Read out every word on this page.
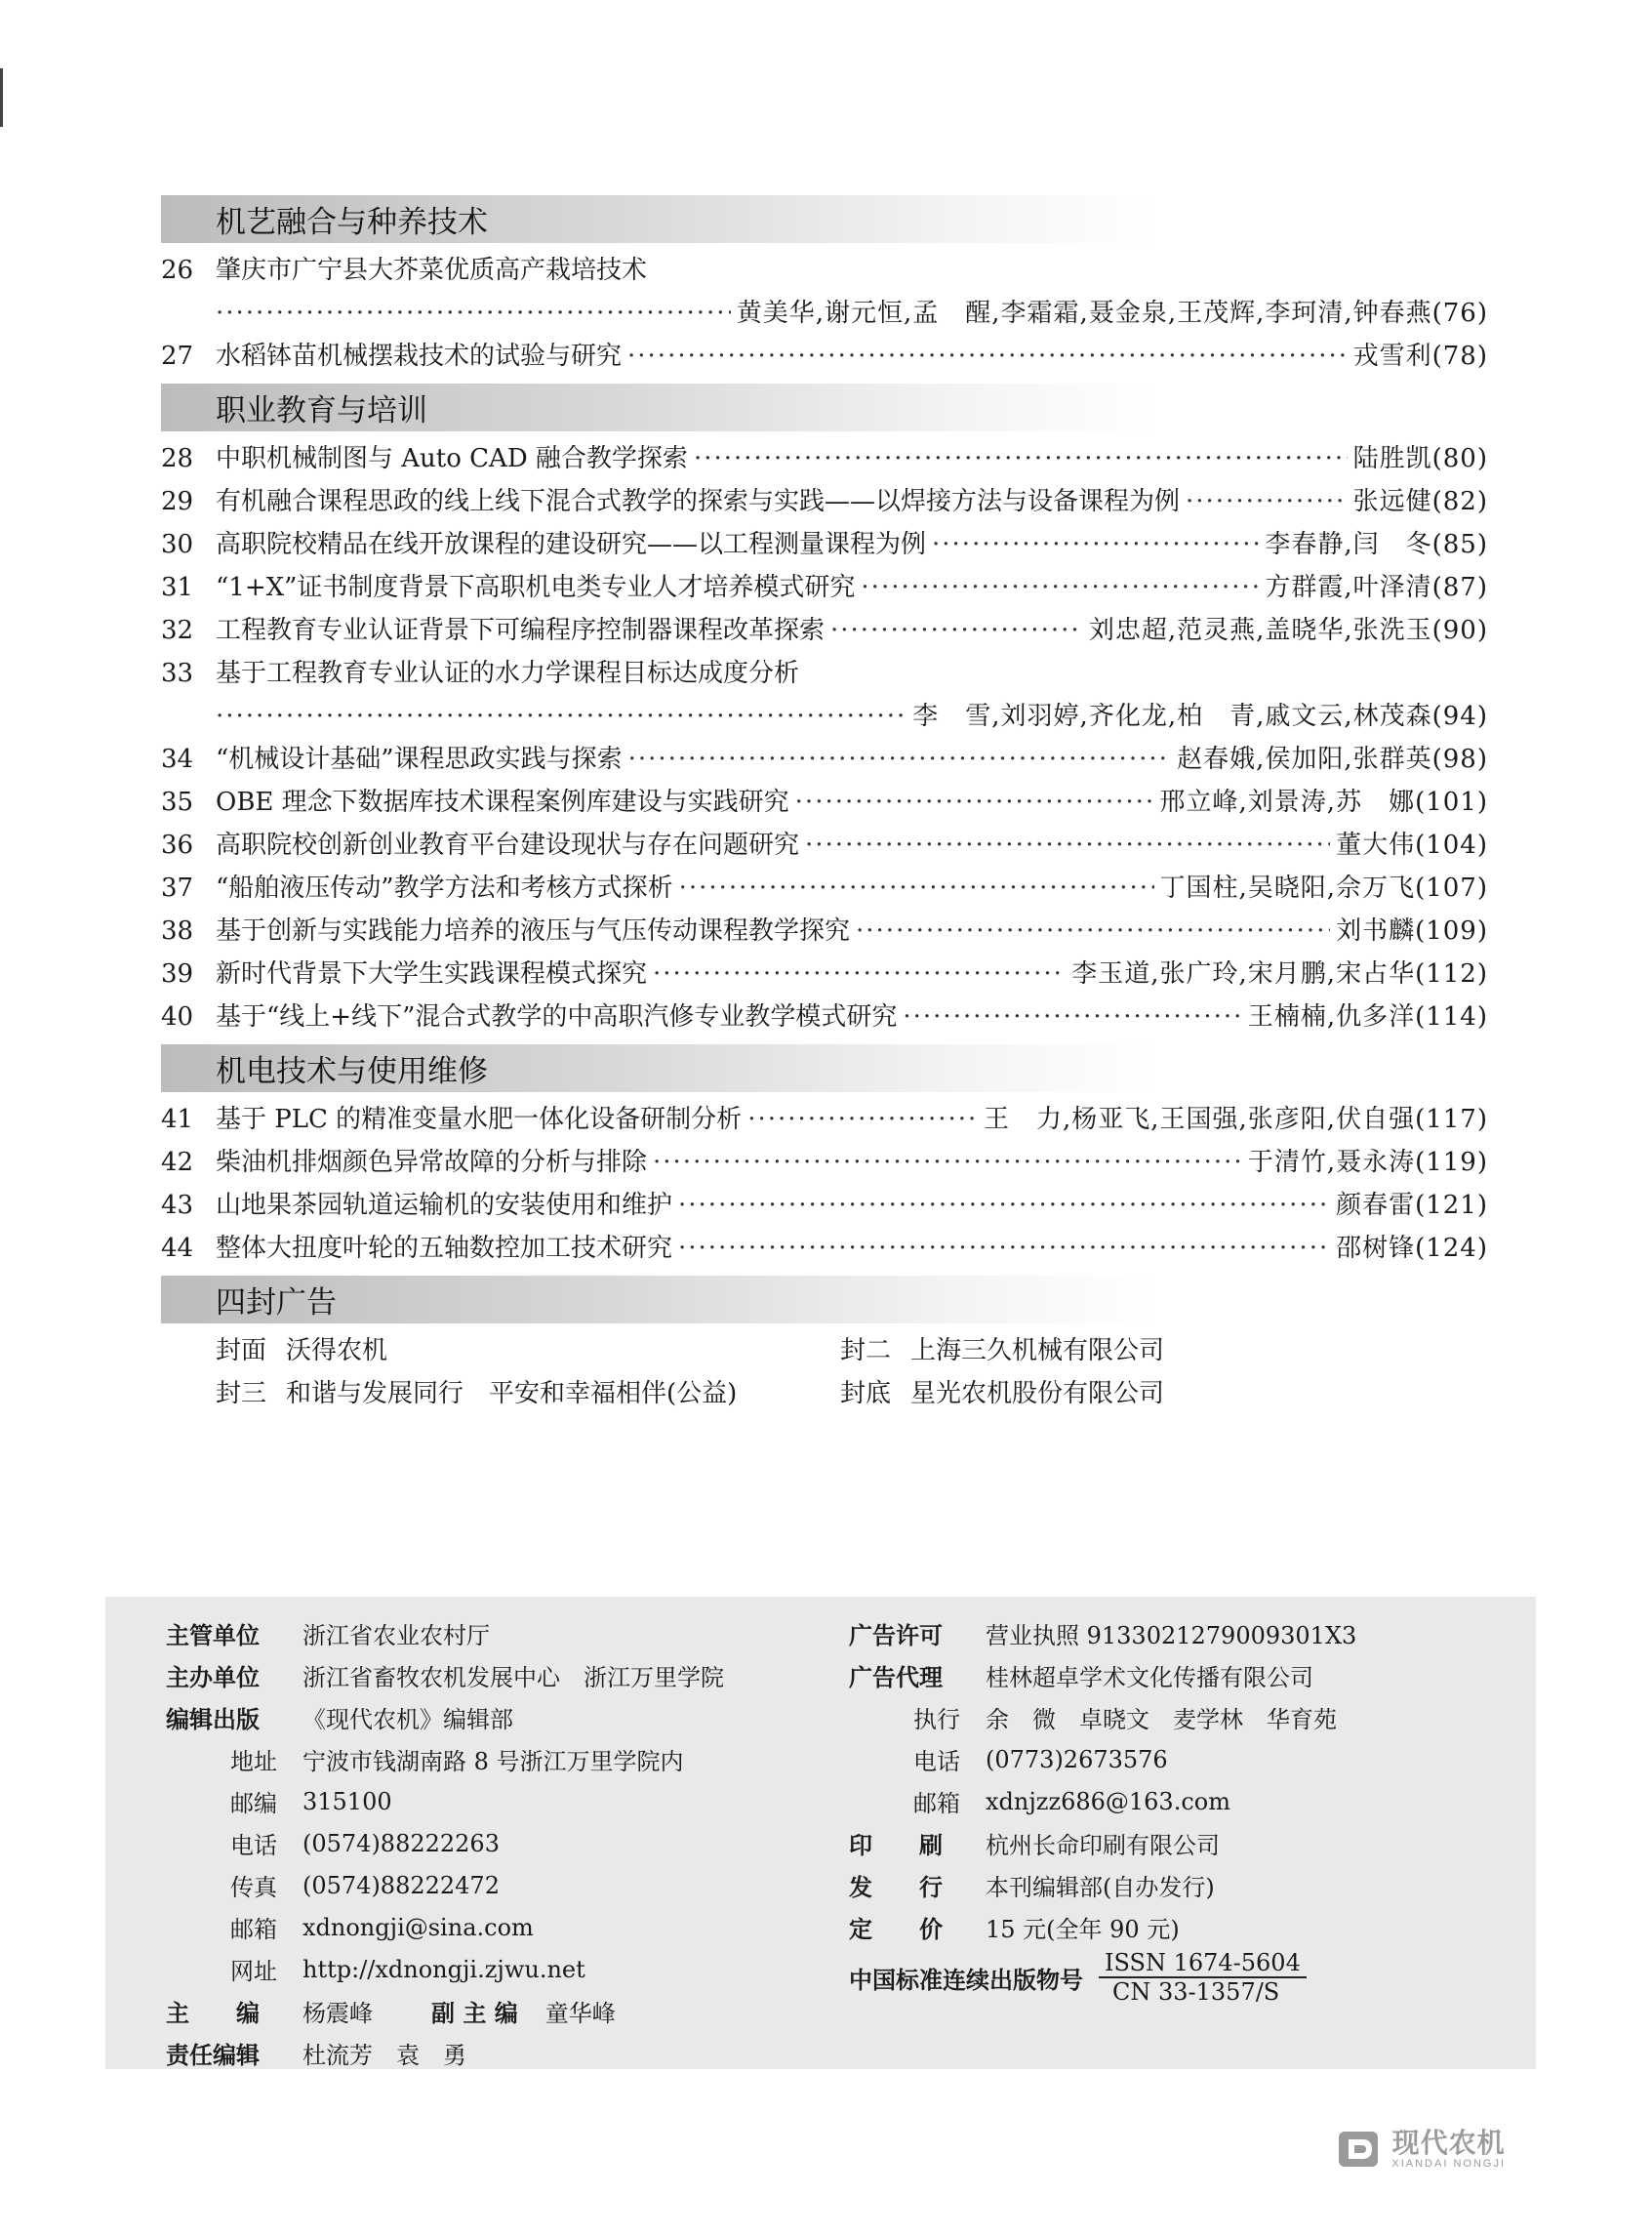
机艺融合与种养技术
26 肇庆市广宁县大芥菜优质高产栽培技术
·····
黄美华,谢元恒,孟　醒,李霜霜,聂金泉,王茂辉,李珂清,钟春燕(76)
27 水稻钵苗机械摆栽技术的试验与研究 ·····	戎雪利(78)
职业教育与培训
28 中职机械制图与 Auto CAD 融合教学探索 ·····	陆胜凯(80)
29 有机融合课程思政的线上线下混合式教学的探索与实践——以焊接方法与设备课程为例 ·····	张远健(82)
30 高职院校精品在线开放课程的建设研究——以工程测量课程为例 ·····	李春静,闫　冬(85)
31 “1+X”证书制度背景下高职机电类专业人才培养模式研究 ·····	方群霞,叶泽清(87)
32 工程教育专业认证背景下可编程序控制器课程改革探索 ·····	刘忠超,范灵燕,盖晓华,张洗玉(90)
33 基于工程教育专业认证的水力学课程目标达成度分析
·····
李　雪,刘羽婷,齐化龙,柏　青,戚文云,林茂森(94)
34 “机械设计基础”课程思政实践与探索 ·····	赵春娥,侯加阳,张群英(98)
35 OBE 理念下数据库技术课程案例库建设与实践研究 ·····	邢立峰,刘景涛,苏　娜(101)
36 高职院校创新创业教育平台建设现状与存在问题研究 ·····	董大伟(104)
37 “船舶液压传动”教学方法和考核方式探析 ·····	丁国柱,吴晓阳,佘万飞(107)
38 基于创新与实践能力培养的液压与气压传动课程教学探究 ·····	刘书麟(109)
39 新时代背景下大学生实践课程模式探究 ·····	李玉道,张广玲,宋月鹏,宋占华(112)
40 基于“线上+线下”混合式教学的中高职汽修专业教学模式研究 ·····	王楠楠,仇多洋(114)
机电技术与使用维修
41 基于 PLC 的精准变量水肥一体化设备研制分析 ·····	王　力,杨亚飞,王国强,张彦阳,伏自强(117)
42 柴油机排烟颜色异常故障的分析与排除 ·····	于清竹,聂永涛(119)
43 山地果茶园轨道运输机的安装使用和维护 ·····	颜春雷(121)
44 整体大扭度叶轮的五轴数控加工技术研究 ·····	邵树锋(124)
四封广告
封面 沃得农机	封二 上海三久机械有限公司
封三 和谐与发展同行　平安和幸福相伴(公益)	封底 星光农机股份有限公司
主管单位	浙江省农业农村厅
主办单位	浙江省畜牧农机发展中心　浙江万里学院
编辑出版	《现代农机》编辑部
地址	宁波市钱湖南路 8 号浙江万里学院内
邮编	315100
电话	(0574)88222263
传真	(0574)88222472
邮箱	xdnongji@sina.com
网址	http://xdnongji.zjwu.net
主　　编	杨震峰	副 主 编 童华峰
责任编辑	杜流芳　袁　勇
广告许可	营业执照 9133021279009301X3
广告代理	桂林超卓学术文化传播有限公司
执行	余　微　卓晓文　麦学林　华育苑
电话	(0773)2673576
邮箱	xdnjzz686@163.com
印　　刷	杭州长命印刷有限公司
发　　行	本刊编辑部(自办发行)
定　　价	15 元(全年 90 元)
中国标准连续出版物号
ISSN 1674-5604
CN 33-1357/S
现代农机
XIANDAI NONGJI
